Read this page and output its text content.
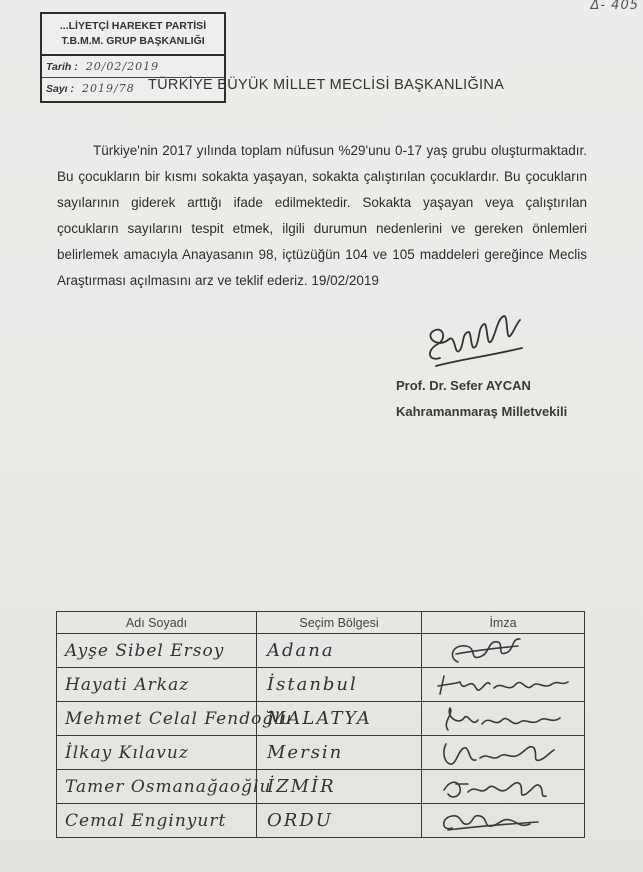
Δ- 405
...LİYETÇİ HAREKET PARTİSİ
T.B.M.M. GRUP BAŞKANLIĞI
Tarih : 20/02/2019
Sayı : 2019/78 TÜRKİYE BÜYÜK MİLLET MECLİSİ BAŞKANLIĞINA
Türkiye'nin 2017 yılında toplam nüfusun %29'unu 0-17 yaş grubu oluşturmaktadır. Bu çocukların bir kısmı sokakta yaşayan, sokakta çalıştırılan çocuklardır. Bu çocukların sayılarının giderek arttığı ifade edilmektedir. Sokakta yaşayan veya çalıştırılan çocukların sayılarını tespit etmek, ilgili durumun nedenlerini ve gereken önlemleri belirlemek amacıyla Anayasanın 98, içtüzüğün 104 ve 105 maddeleri gereğince Meclis Araştırması açılmasını arz ve teklif ederiz. 19/02/2019
Prof. Dr. Sefer AYCAN
Kahramanmaraş Milletvekili
Adı Soyadı	Seçim Bölgesi	İmza

Ayşe Sibel Ersoy	Adana

Hayati Arkaz	İstanbul

Mehmet Celal Fendoğlu	MALATYA

İlkay Kılavuz	Mersin

Tamer Osmanağaoğlu	İZMİR

Cemal Enginyurt	ORDU
